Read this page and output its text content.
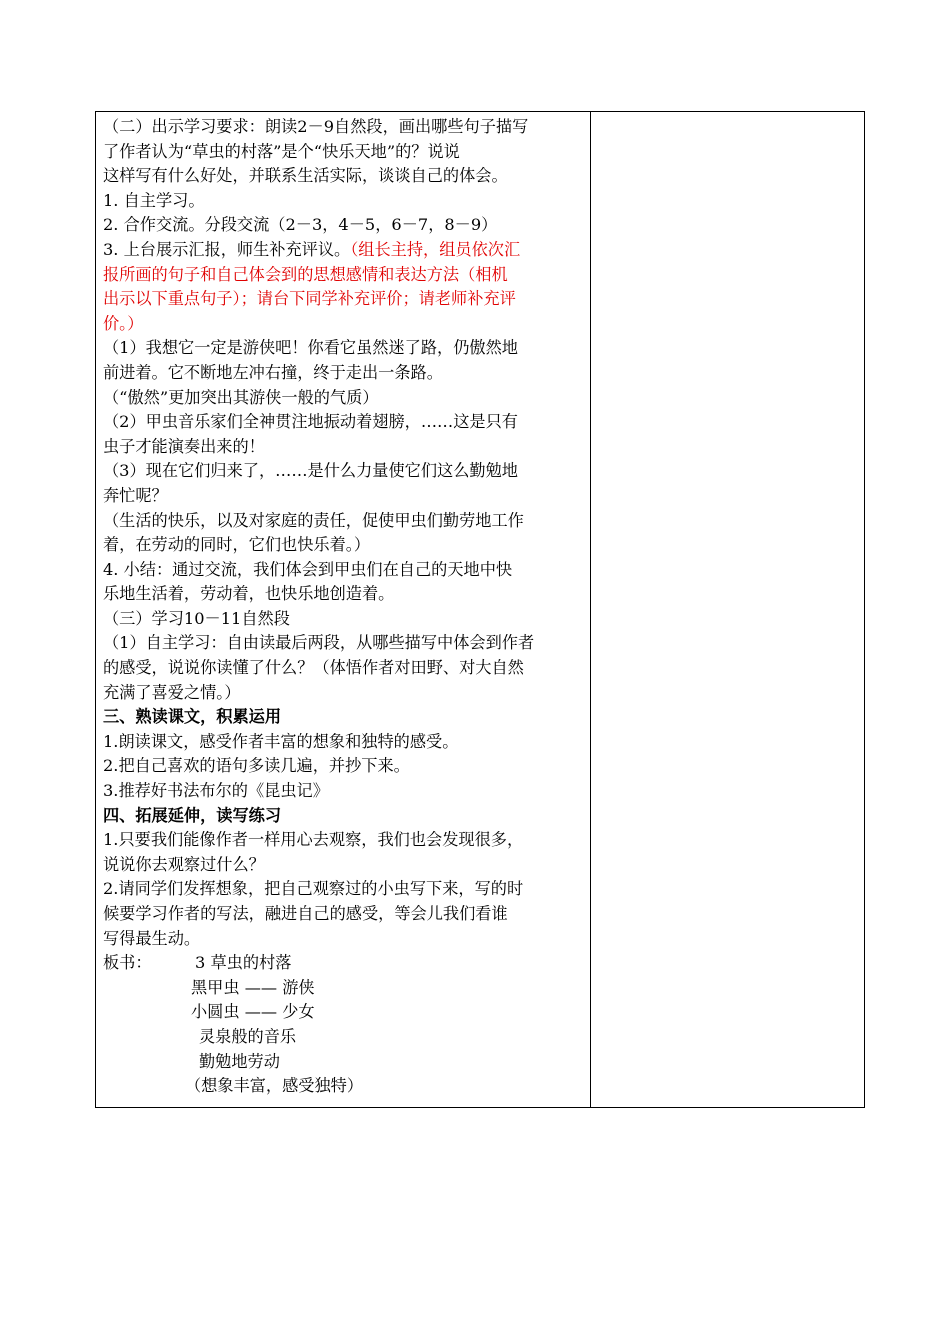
（二）出示学习要求：朗读2－9自然段，画出哪些句子描写
了作者认为“草虫的村落”是个“快乐天地”的？说说
这样写有什么好处，并联系生活实际，谈谈自己的体会。
1. 自主学习。
2. 合作交流。分段交流（2－3，4－5，6－7，8－9）
3. 上台展示汇报，师生补充评议。（组长主持，组员依次汇
报所画的句子和自己体会到的思想感情和表达方法（相机
出示以下重点句子）；请台下同学补充评价；请老师补充评
价。）
（1）我想它一定是游侠吧！你看它虽然迷了路，仍傲然地
前进着。它不断地左冲右撞，终于走出一条路。
（“傲然”更加突出其游侠一般的气质）
（2）甲虫音乐家们全神贯注地振动着翅膀，……这是只有
虫子才能演奏出来的！
（3）现在它们归来了，……是什么力量使它们这么勤勉地
奔忙呢？
（生活的快乐，以及对家庭的责任，促使甲虫们勤劳地工作
着，在劳动的同时，它们也快乐着。）
4. 小结：通过交流，我们体会到甲虫们在自己的天地中快
乐地生活着，劳动着，也快乐地创造着。
（三）学习10－11自然段
（1）自主学习：自由读最后两段，从哪些描写中体会到作者
的感受，说说你读懂了什么？（体悟作者对田野、对大自然
充满了喜爱之情。）
三、熟读课文，积累运用
1.朗读课文，感受作者丰富的想象和独特的感受。
2.把自己喜欢的语句多读几遍，并抄下来。
3.推荐好书法布尔的《昆虫记》
四、拓展延伸，读写练习
1.只要我们能像作者一样用心去观察，我们也会发现很多，
说说你去观察过什么？
2.请同学们发挥想象，把自己观察过的小虫写下来，写的时
候要学习作者的写法，融进自己的感受，等会儿我们看谁
写得最生动。
板书：	3 草虫的村落
黑甲虫 —— 游侠
小圆虫 —— 少女
灵泉般的音乐
勤勉地劳动
（想象丰富，感受独特）
